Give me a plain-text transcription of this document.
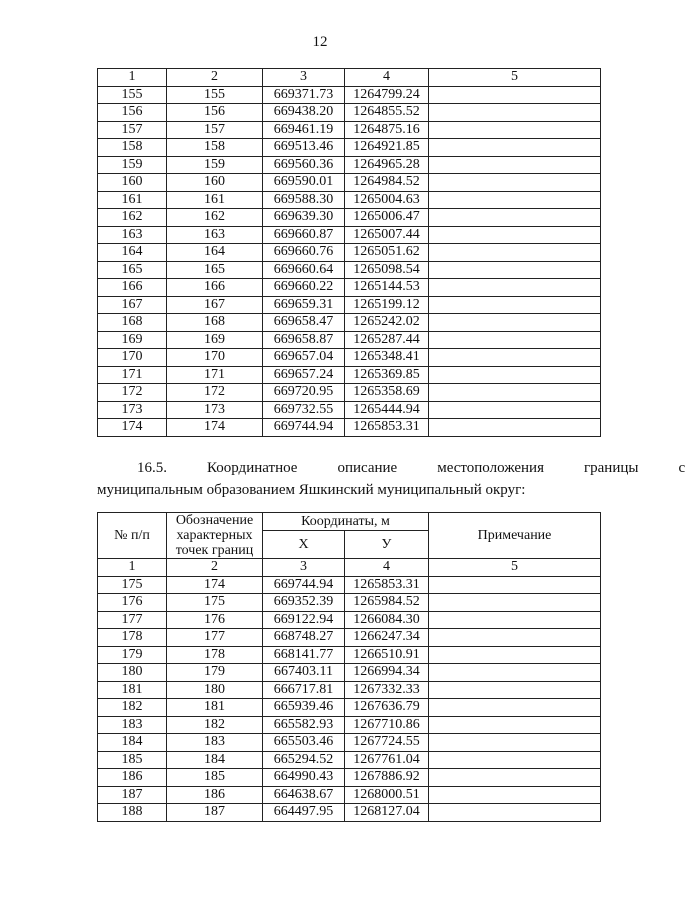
12
1	2	3	4	5
155	155	669371.73	1264799.24	
156	156	669438.20	1264855.52	
157	157	669461.19	1264875.16	
158	158	669513.46	1264921.85	
159	159	669560.36	1264965.28	
160	160	669590.01	1264984.52	
161	161	669588.30	1265004.63	
162	162	669639.30	1265006.47	
163	163	669660.87	1265007.44	
164	164	669660.76	1265051.62	
165	165	669660.64	1265098.54	
166	166	669660.22	1265144.53	
167	167	669659.31	1265199.12	
168	168	669658.47	1265242.02	
169	169	669658.87	1265287.44	
170	170	669657.04	1265348.41	
171	171	669657.24	1265369.85	
172	172	669720.95	1265358.69	
173	173	669732.55	1265444.94	
174	174	669744.94	1265853.31	
16.5.	Координатное	описание	местоположения	границы	с
муниципальным образованием Яшкинский муниципальный округ:
№ п/п	Обозначение характерных точек границ	Координаты, м		Примечание
		X	У	
1	2	3	4	5
175	174	669744.94	1265853.31	
176	175	669352.39	1265984.52	
177	176	669122.94	1266084.30	
178	177	668748.27	1266247.34	
179	178	668141.77	1266510.91	
180	179	667403.11	1266994.34	
181	180	666717.81	1267332.33	
182	181	665939.46	1267636.79	
183	182	665582.93	1267710.86	
184	183	665503.46	1267724.55	
185	184	665294.52	1267761.04	
186	185	664990.43	1267886.92	
187	186	664638.67	1268000.51	
188	187	664497.95	1268127.04	
